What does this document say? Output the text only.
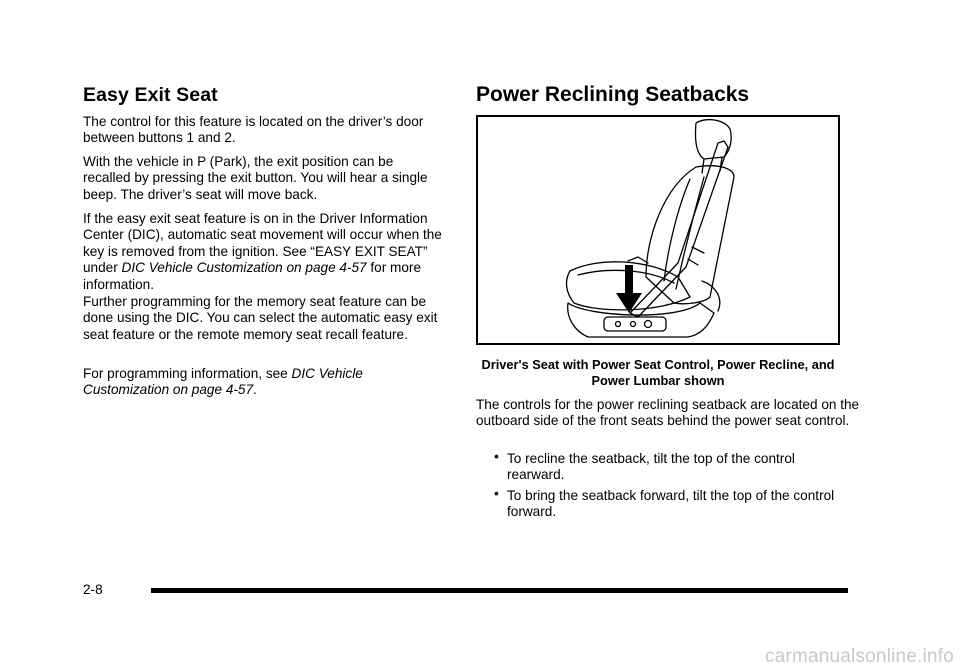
Easy Exit Seat

The control for this feature is located on the driver’s door between buttons 1 and 2.

With the vehicle in P (Park), the exit position can be recalled by pressing the exit button. You will hear a single beep. The driver’s seat will move back.

If the easy exit seat feature is on in the Driver Information Center (DIC), automatic seat movement will occur when the key is removed from the ignition. See “EASY EXIT SEAT” under DIC Vehicle Customization on page 4-57 for more information.

Further programming for the memory seat feature can be done using the DIC. You can select the automatic easy exit seat feature or the remote memory seat recall feature.

For programming information, see DIC Vehicle Customization on page 4-57.

Power Reclining Seatbacks
Driver's Seat with Power Seat Control, Power Recline, and Power Lumbar shown

The controls for the power reclining seatback are located on the outboard side of the front seats behind the power seat control.

• To recline the seatback, tilt the top of the control rearward.
• To bring the seatback forward, tilt the top of the control forward.
2-8
carmanualsonline.info
